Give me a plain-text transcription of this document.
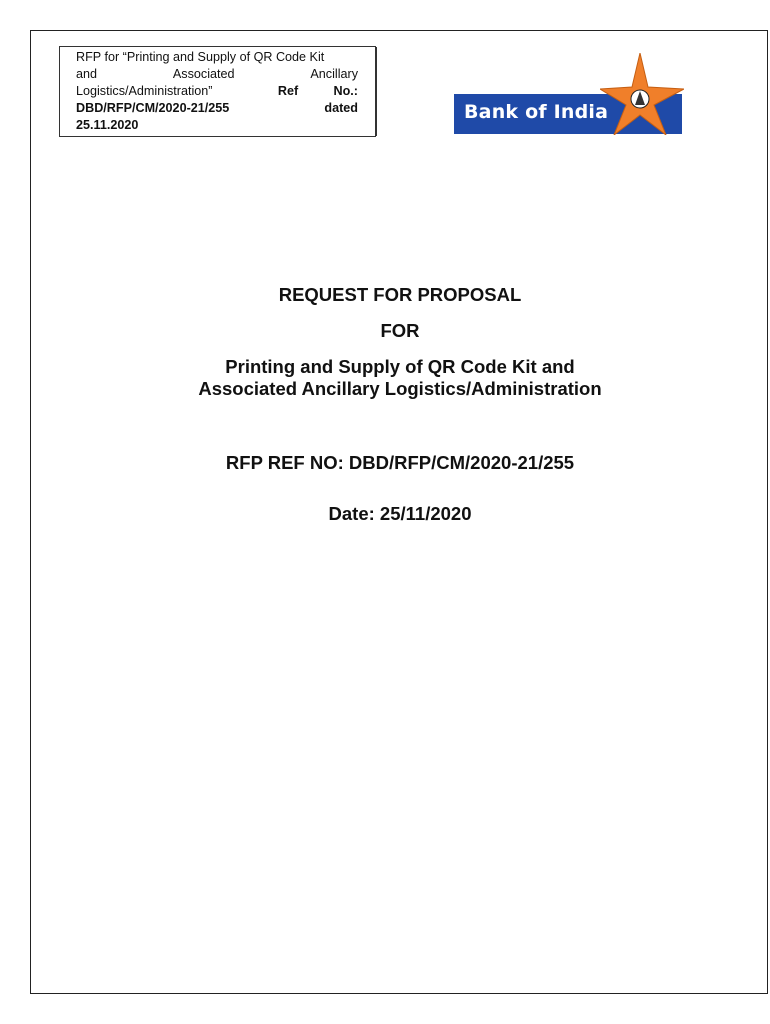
RFP for “Printing and Supply of QR Code Kit
and	Associated	Ancillary
Logistics/Administration”	Ref	No.:
DBD/RFP/CM/2020-21/255	dated
25.11.2020
Bank of India
REQUEST FOR PROPOSAL
FOR
Printing and Supply of QR Code Kit and
Associated Ancillary Logistics/Administration
RFP REF NO: DBD/RFP/CM/2020-21/255
Date: 25/11/2020
